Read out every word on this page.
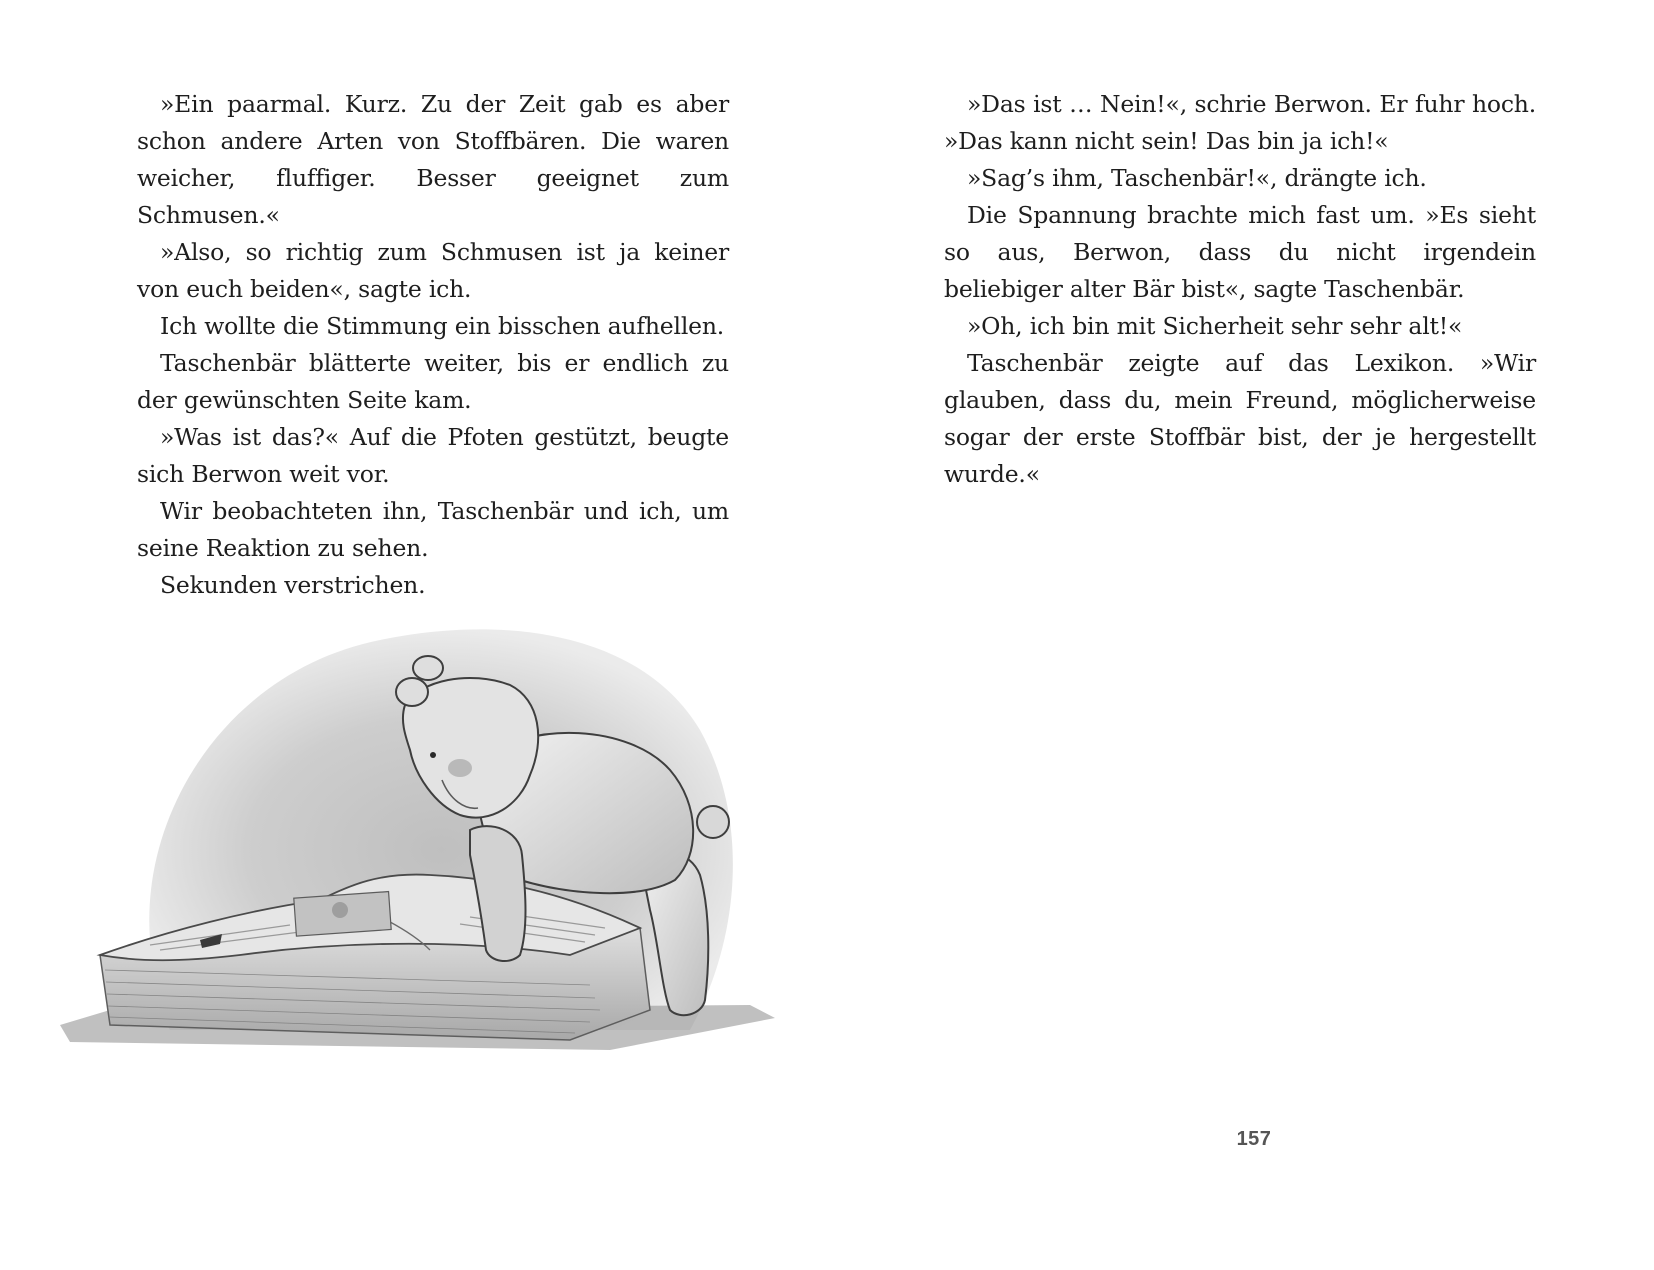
»Ein paarmal. Kurz. Zu der Zeit gab es aber schon andere Arten von Stoffbären. Die waren weicher, fluffiger. Besser geeignet zum Schmusen.«

»Also, so richtig zum Schmusen ist ja keiner von euch beiden«, sagte ich.

Ich wollte die Stimmung ein bisschen aufhellen.

Taschenbär blätterte weiter, bis er endlich zu der gewünschten Seite kam.

»Was ist das?« Auf die Pfoten gestützt, beugte sich Berwon weit vor.

Wir beobachteten ihn, Taschenbär und ich, um seine Reaktion zu sehen.

Sekunden verstrichen.

»Das ist … Nein!«, schrie Berwon. Er fuhr hoch. »Das kann nicht sein! Das bin ja ich!«

»Sag’s ihm, Taschenbär!«, drängte ich.

Die Spannung brachte mich fast um. »Es sieht so aus, Berwon, dass du nicht irgendein beliebiger alter Bär bist«, sagte Taschenbär.

»Oh, ich bin mit Sicherheit sehr sehr alt!«

Taschenbär zeigte auf das Lexikon. »Wir glauben, dass du, mein Freund, möglicherweise sogar der erste Stoffbär bist, der je hergestellt wurde.«

157
